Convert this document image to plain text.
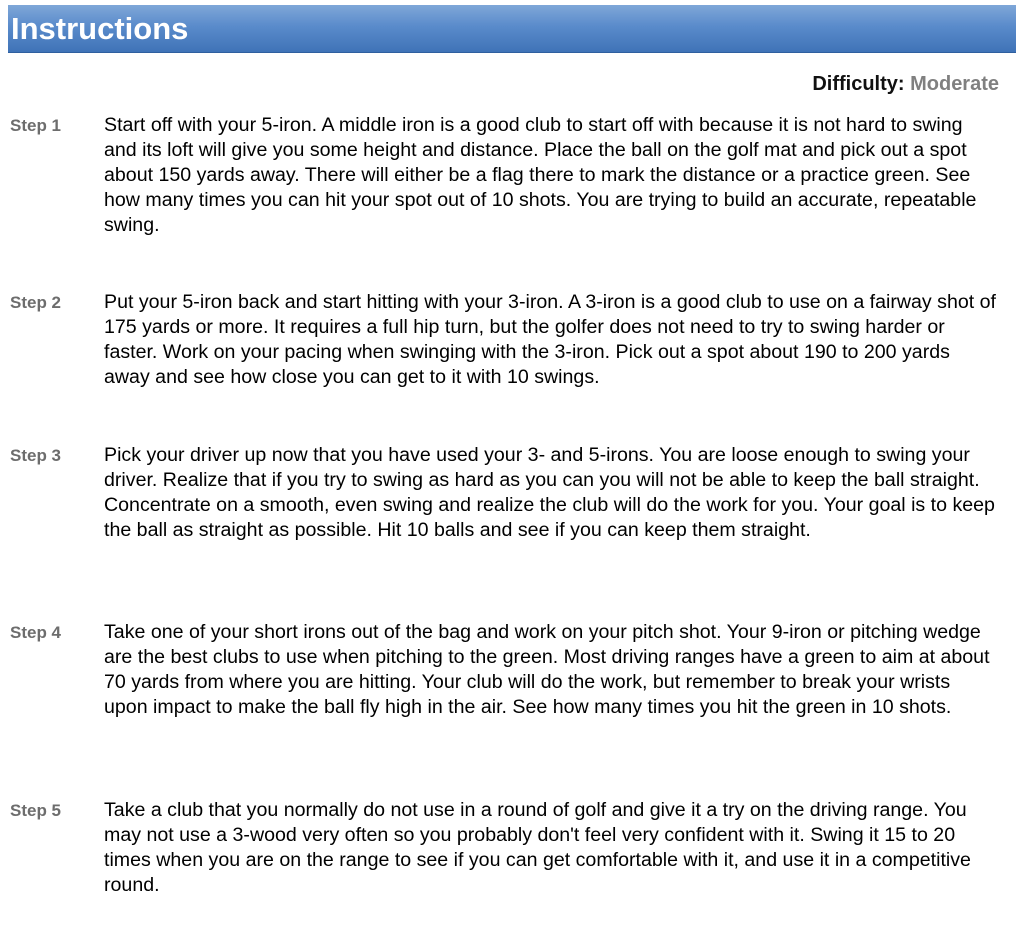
Instructions
Difficulty: Moderate
Step 1 Start off with your 5-iron. A middle iron is a good club to start off with because it is not hard to swing and its loft will give you some height and distance. Place the ball on the golf mat and pick out a spot about 150 yards away. There will either be a flag there to mark the distance or a practice green. See how many times you can hit your spot out of 10 shots. You are trying to build an accurate, repeatable swing.
Step 2 Put your 5-iron back and start hitting with your 3-iron. A 3-iron is a good club to use on a fairway shot of 175 yards or more. It requires a full hip turn, but the golfer does not need to try to swing harder or faster. Work on your pacing when swinging with the 3-iron. Pick out a spot about 190 to 200 yards away and see how close you can get to it with 10 swings.
Step 3 Pick your driver up now that you have used your 3- and 5-irons. You are loose enough to swing your driver. Realize that if you try to swing as hard as you can you will not be able to keep the ball straight. Concentrate on a smooth, even swing and realize the club will do the work for you. Your goal is to keep the ball as straight as possible. Hit 10 balls and see if you can keep them straight.
Step 4 Take one of your short irons out of the bag and work on your pitch shot. Your 9-iron or pitching wedge are the best clubs to use when pitching to the green. Most driving ranges have a green to aim at about 70 yards from where you are hitting. Your club will do the work, but remember to break your wrists upon impact to make the ball fly high in the air. See how many times you hit the green in 10 shots.
Step 5 Take a club that you normally do not use in a round of golf and give it a try on the driving range. You may not use a 3-wood very often so you probably don't feel very confident with it. Swing it 15 to 20 times when you are on the range to see if you can get comfortable with it, and use it in a competitive round.
